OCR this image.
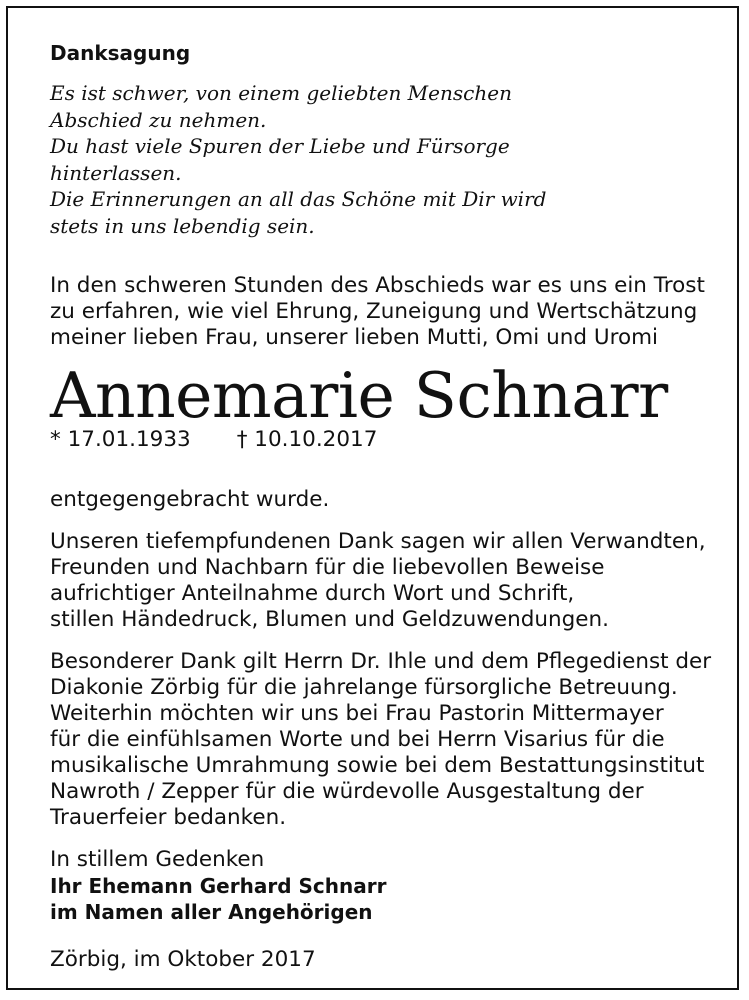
Danksagung
Es ist schwer, von einem geliebten Menschen
Abschied zu nehmen.
Du hast viele Spuren der Liebe und Fürsorge
hinterlassen.
Die Erinnerungen an all das Schöne mit Dir wird
stets in uns lebendig sein.
In den schweren Stunden des Abschieds war es uns ein Trost
zu erfahren, wie viel Ehrung, Zuneigung und Wertschätzung
meiner lieben Frau, unserer lieben Mutti, Omi und Uromi
Annemarie Schnarr
* 17.01.1933 † 10.10.2017
entgegengebracht wurde.
Unseren tiefempfundenen Dank sagen wir allen Verwandten,
Freunden und Nachbarn für die liebevollen Beweise
aufrichtiger Anteilnahme durch Wort und Schrift,
stillen Händedruck, Blumen und Geldzuwendungen.
Besonderer Dank gilt Herrn Dr. Ihle und dem Pflegedienst der
Diakonie Zörbig für die jahrelange fürsorgliche Betreuung.
Weiterhin möchten wir uns bei Frau Pastorin Mittermayer
für die einfühlsamen Worte und bei Herrn Visarius für die
musikalische Umrahmung sowie bei dem Bestattungsinstitut
Nawroth / Zepper für die würdevolle Ausgestaltung der
Trauerfeier bedanken.
In stillem Gedenken
Ihr Ehemann Gerhard Schnarr
im Namen aller Angehörigen
Zörbig, im Oktober 2017
